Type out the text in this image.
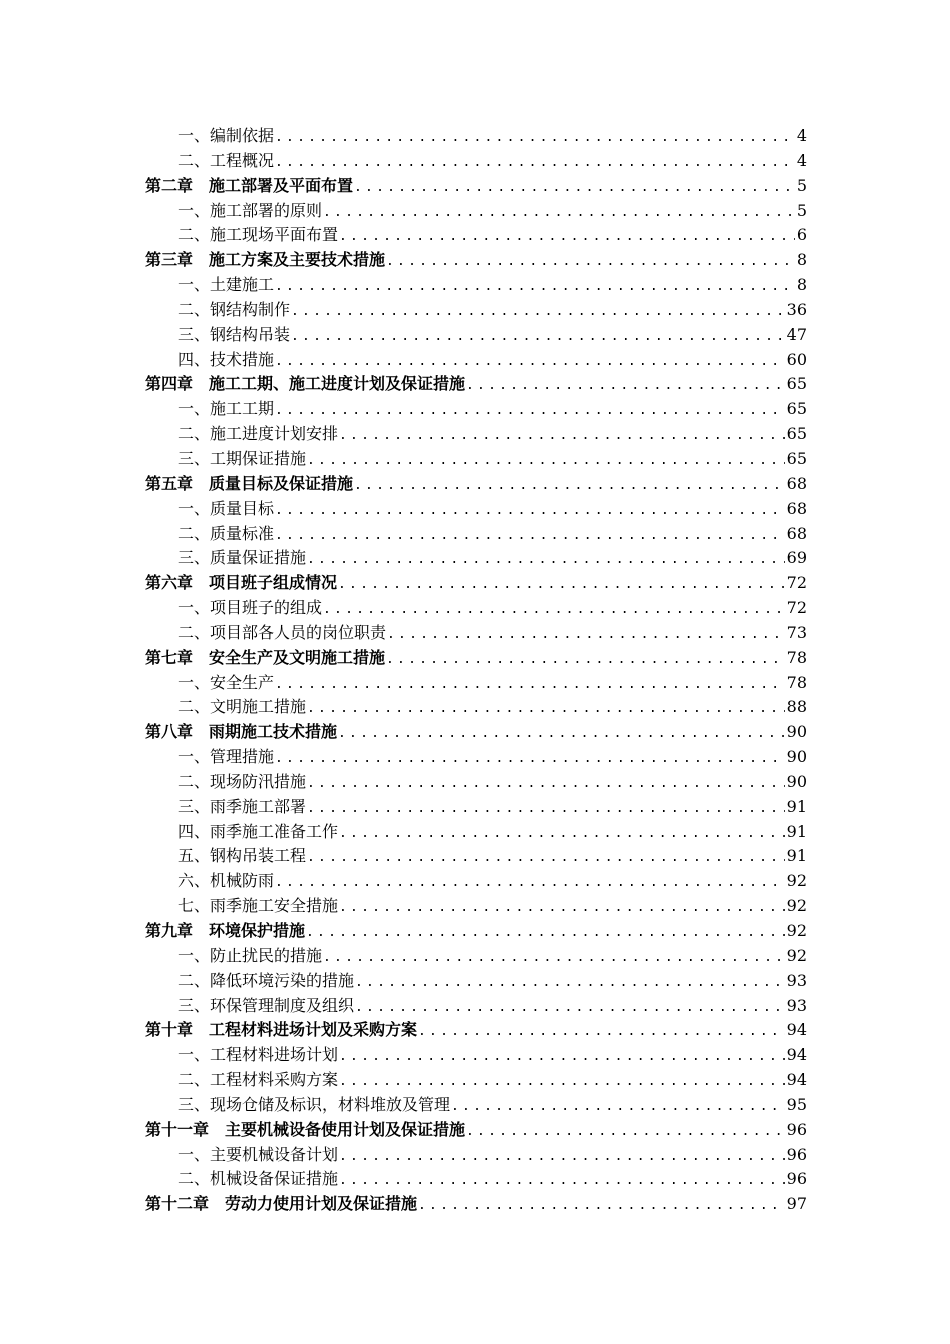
一、编制依据 .....	4
二、工程概况 .....	4
第二章　施工部署及平面布置 .....	5
一、施工部署的原则 .....	5
二、施工现场平面布置 .....	6
第三章　施工方案及主要技术措施 .....	8
一、土建施工 .....	8
二、钢结构制作 .....	36
三、钢结构吊装 .....	47
四、技术措施 .....	60
第四章　施工工期、施工进度计划及保证措施 .....	65
一、施工工期 .....	65
二、施工进度计划安排 .....	65
三、工期保证措施 .....	65
第五章　质量目标及保证措施 .....	68
一、质量目标 .....	68
二、质量标准 .....	68
三、质量保证措施 .....	69
第六章　项目班子组成情况 .....	72
一、项目班子的组成 .....	72
二、项目部各人员的岗位职责 .....	73
第七章　安全生产及文明施工措施 .....	78
一、安全生产 .....	78
二、文明施工措施 .....	88
第八章　雨期施工技术措施 .....	90
一、管理措施 .....	90
二、现场防汛措施 .....	90
三、雨季施工部署 .....	91
四、雨季施工准备工作 .....	91
五、钢构吊装工程 .....	91
六、机械防雨 .....	92
七、雨季施工安全措施 .....	92
第九章　环境保护措施 .....	92
一、防止扰民的措施 .....	92
二、降低环境污染的措施 .....	93
三、环保管理制度及组织 .....	93
第十章　工程材料进场计划及采购方案 .....	94
一、工程材料进场计划 .....	94
二、工程材料采购方案 .....	94
三、现场仓储及标识，材料堆放及管理 .....	95
第十一章　主要机械设备使用计划及保证措施 .....	96
一、主要机械设备计划 .....	96
二、机械设备保证措施 .....	96
第十二章　劳动力使用计划及保证措施 .....	97
